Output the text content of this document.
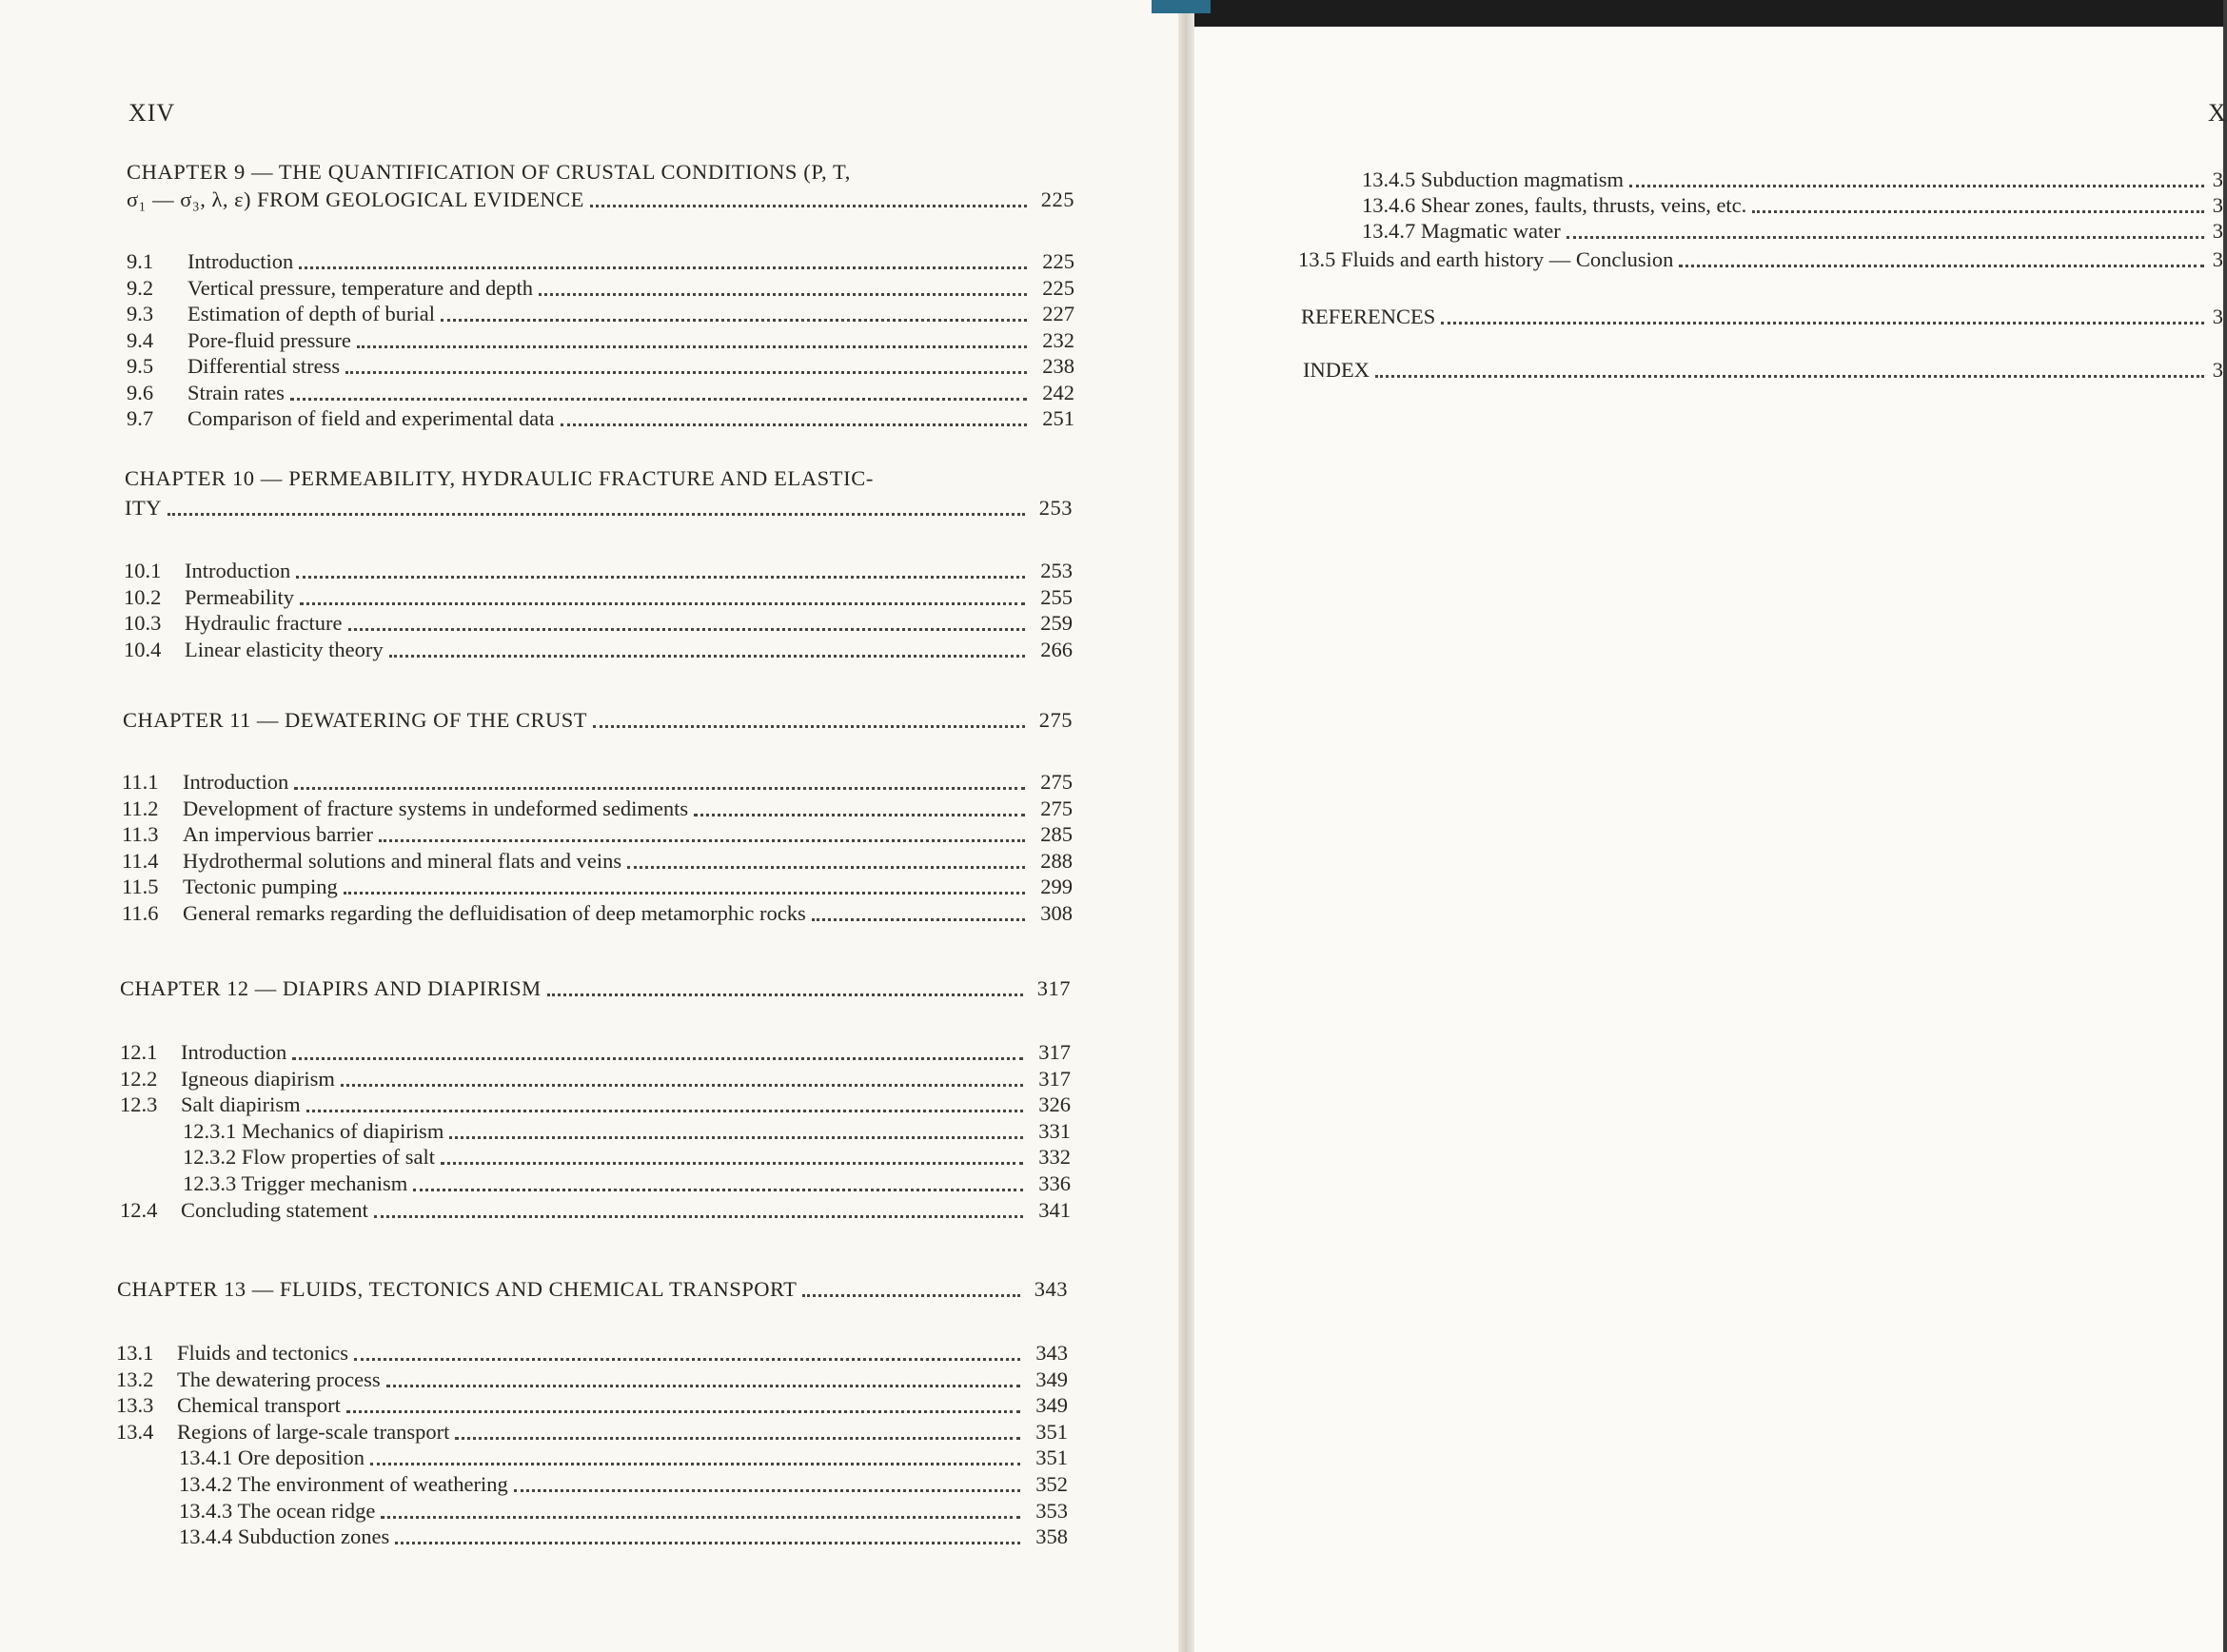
XIV
CHAPTER 9 — THE QUANTIFICATION OF CRUSTAL CONDITIONS (P, T,
σ₁ — σ₃, λ, ε) FROM GEOLOGICAL EVIDENCE	225
9.1	Introduction	225
9.2	Vertical pressure, temperature and depth	225
9.3	Estimation of depth of burial	227
9.4	Pore-fluid pressure	232
9.5	Differential stress	238
9.6	Strain rates	242
9.7	Comparison of field and experimental data	251
CHAPTER 10 — PERMEABILITY, HYDRAULIC FRACTURE AND ELASTIC-
ITY	253
10.1	Introduction	253
10.2	Permeability	255
10.3	Hydraulic fracture	259
10.4	Linear elasticity theory	266
CHAPTER 11 — DEWATERING OF THE CRUST	275
11.1	Introduction	275
11.2	Development of fracture systems in undeformed sediments	275
11.3	An impervious barrier	285
11.4	Hydrothermal solutions and mineral flats and veins	288
11.5	Tectonic pumping	299
11.6	General remarks regarding the defluidisation of deep metamorphic rocks	308
CHAPTER 12 — DIAPIRS AND DIAPIRISM	317
12.1	Introduction	317
12.2	Igneous diapirism	317
12.3	Salt diapirism	326
12.3.1 Mechanics of diapirism	331
12.3.2 Flow properties of salt	332
12.3.3 Trigger mechanism	336
12.4	Concluding statement	341
CHAPTER 13 — FLUIDS, TECTONICS AND CHEMICAL TRANSPORT	343
13.1	Fluids and tectonics	343
13.2	The dewatering process	349
13.3	Chemical transport	349
13.4	Regions of large-scale transport	351
13.4.1 Ore deposition	351
13.4.2 The environment of weathering	352
13.4.3 The ocean ridge	353
13.4.4 Subduction zones	358
X
13.4.5 Subduction magmatism	3
13.4.6 Shear zones, faults, thrusts, veins, etc.	3
13.4.7 Magmatic water	3
13.5 Fluids and earth history — Conclusion	3
REFERENCES	3
INDEX	3
